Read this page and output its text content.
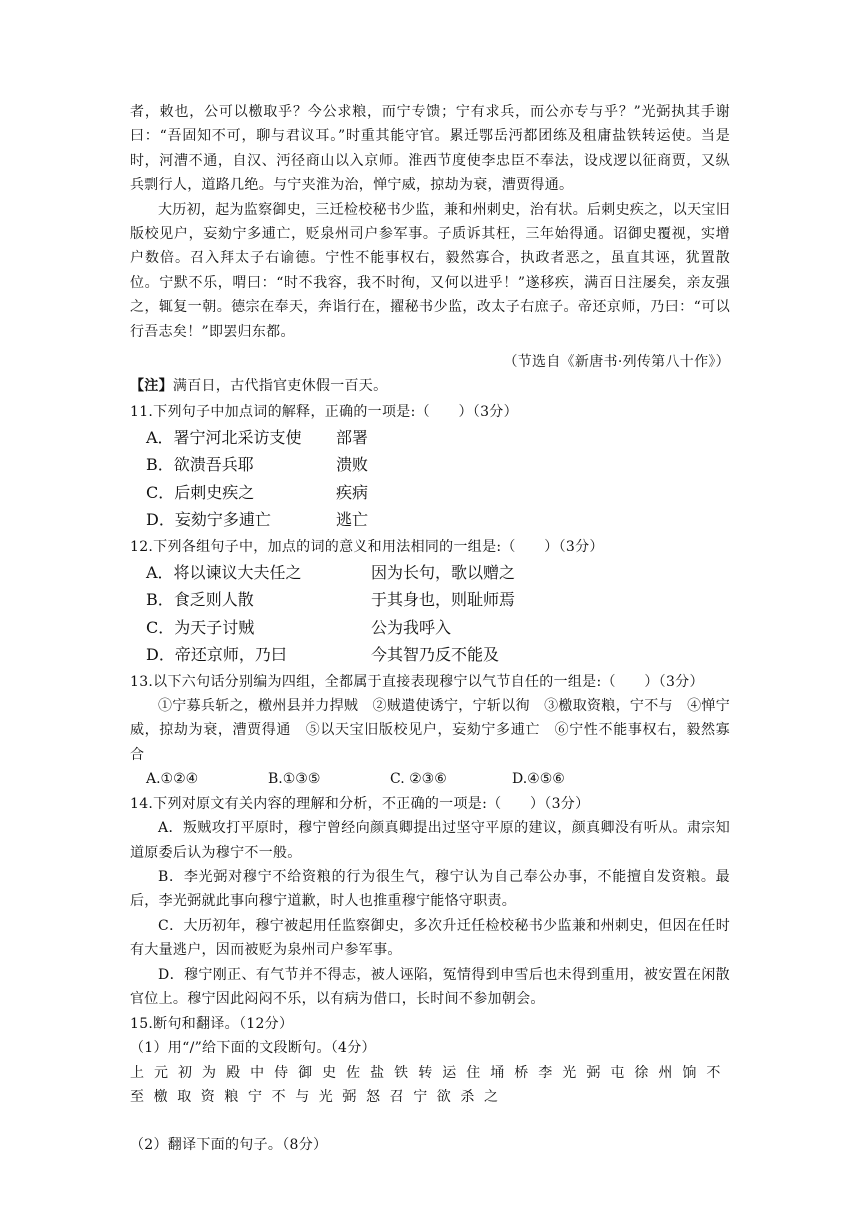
者，敕也，公可以檄取乎？今公求粮，而宁专馈；宁有求兵，而公亦专与乎？”光弼执其手谢曰：“吾固知不可，聊与君议耳。”时重其能守官。累迁鄂岳沔都团练及租庸盐铁转运使。当是时，河漕不通，自汉、沔径商山以入京师。淮西节度使李忠臣不奉法，设戍逻以征商贾，又纵兵剽行人，道路几绝。与宁夹淮为治，惮宁威，掠劫为衰，漕贾得通。

大历初，起为监察御史，三迁检校秘书少监，兼和州刺史，治有状。后刺史疾之，以天宝旧版校见户，妄劾宁多逋亡，贬泉州司户参军事。子质诉其枉，三年始得通。诏御史覆视，实增户数倍。召入拜太子右谕德。宁性不能事权右，毅然寡合，执政者恶之，虽直其诬，犹置散位。宁默不乐，喟曰：“时不我容，我不时徇，又何以进乎！”遂移疾，满百日注屡矣，亲友强之，辄复一朝。德宗在奉天，奔诣行在，擢秘书少监，改太子右庶子。帝还京师，乃曰：“可以行吾志矣！”即罢归东都。

（节选自《新唐书·列传第八十作》）

【注】满百日，古代指官吏休假一百天。

11.下列句子中加点词的解释，正确的一项是:（　　）（3分）

A．署宁河北采访支使	部署
B．欲溃吾兵耶	溃败
C．后刺史疾之	疾病
D．妄劾宁多逋亡	逃亡

12.下列各组句子中，加点的词的意义和用法相同的一组是:（　　）（3分）

A．将以谏议大夫任之	因为长句，歌以赠之
B．食乏则人散	于其身也，则耻师焉
C．为天子讨贼	公为我呼入
D．帝还京师，乃曰	今其智乃反不能及

13.以下六句话分别编为四组，全都属于直接表现穆宁以气节自任的一组是:（　　）（3分）

①宁募兵斩之，檄州县并力捍贼　②贼遣使诱宁，宁斩以徇　③檄取资粮，宁不与　④惮宁威，掠劫为衰，漕贾得通　⑤以天宝旧版校见户，妄劾宁多逋亡　⑥宁性不能事权右，毅然寡合

A.①②④	B.①③⑤	C. ②③⑥	D.④⑤⑥

14.下列对原文有关内容的理解和分析，不正确的一项是:（　　）（3分）

A．叛贼攻打平原时，穆宁曾经向颜真卿提出过坚守平原的建议，颜真卿没有听从。肃宗知道原委后认为穆宁不一般。

B．李光弼对穆宁不给资粮的行为很生气，穆宁认为自己奉公办事，不能擅自发资粮。最后，李光弼就此事向穆宁道歉，时人也推重穆宁能恪守职责。

C．大历初年，穆宁被起用任监察御史，多次升迁任检校秘书少监兼和州刺史，但因在任时有大量逃户，因而被贬为泉州司户参军事。

D．穆宁刚正、有气节并不得志，被人诬陷，冤情得到申雪后也未得到重用，被安置在闲散官位上。穆宁因此闷闷不乐，以有病为借口，长时间不参加朝会。

15.断句和翻译。（12分）

（1）用“/”给下面的文段断句。（4分）

上元初为殿中侍御史佐盐铁转运住埇桥李光弼屯徐州饷不至檄取资粮宁不与光弼怒召宁欲杀之

（2）翻译下面的句子。（8分）
